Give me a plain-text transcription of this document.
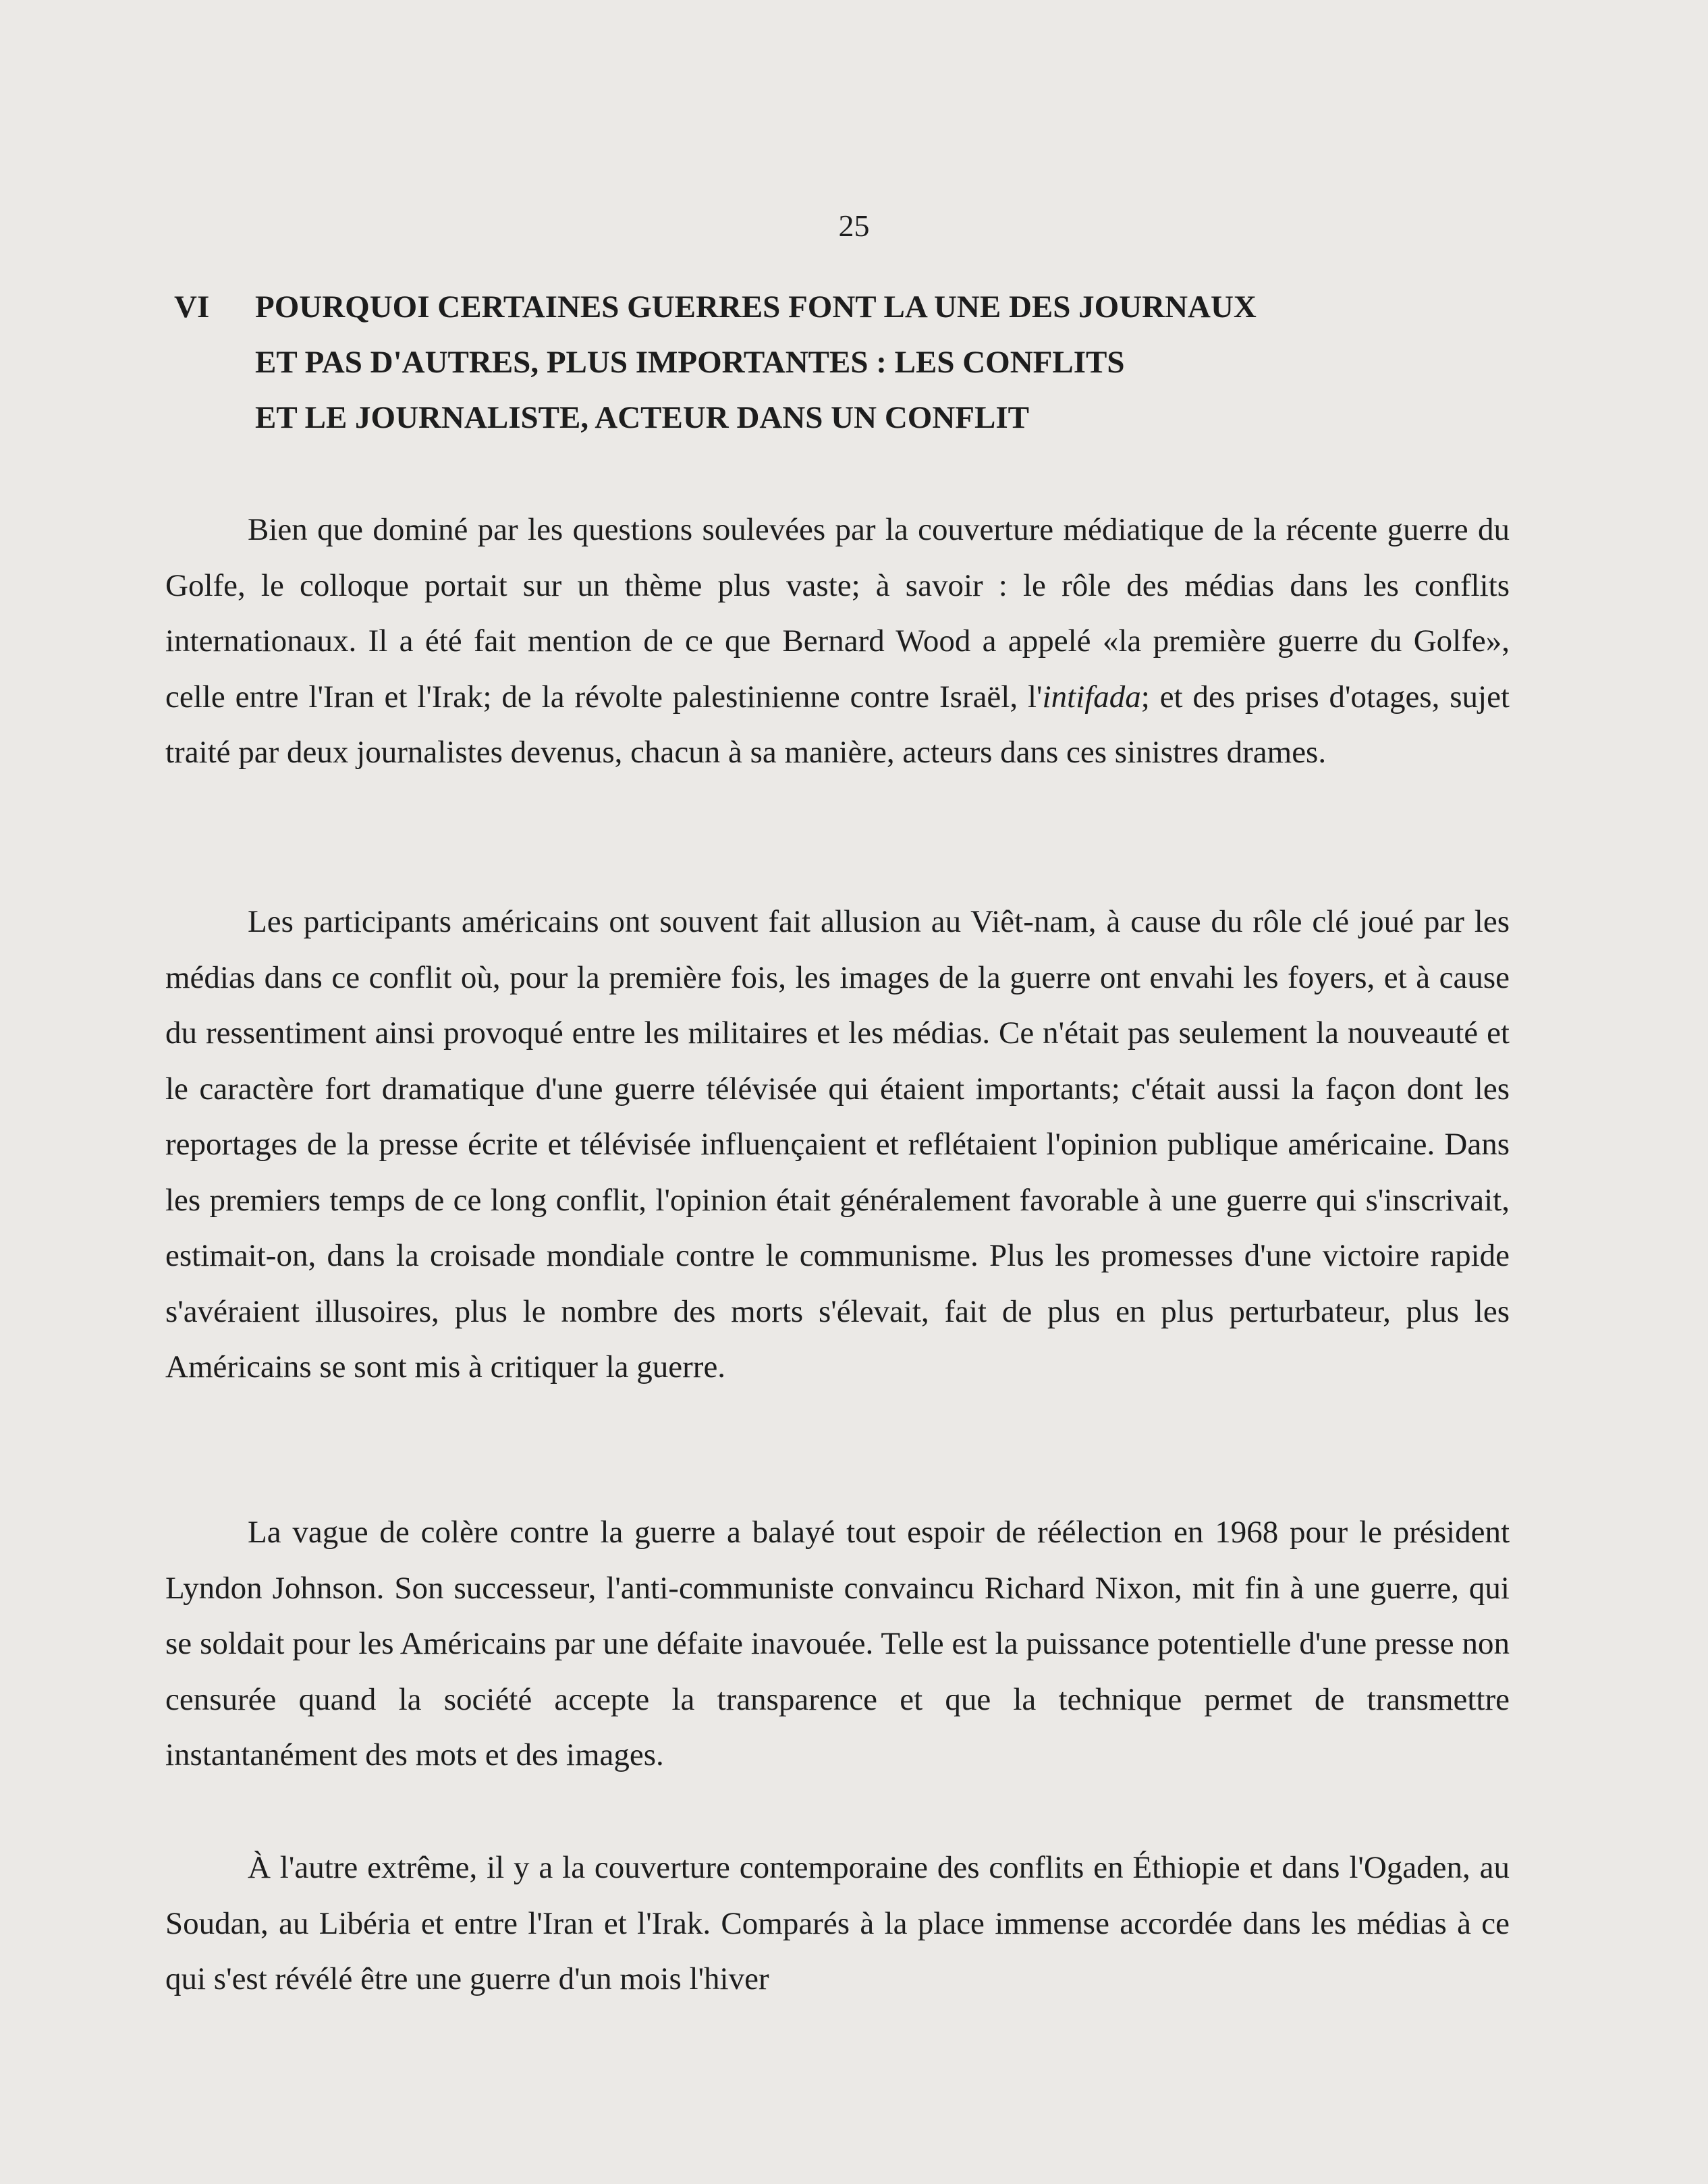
25
VI POURQUOI CERTAINES GUERRES FONT LA UNE DES JOURNAUX
ET PAS D'AUTRES, PLUS IMPORTANTES : LES CONFLITS
ET LE JOURNALISTE, ACTEUR DANS UN CONFLIT

Bien que dominé par les questions soulevées par la couverture médiatique de la récente guerre du Golfe, le colloque portait sur un thème plus vaste; à savoir : le rôle des médias dans les conflits internationaux. Il a été fait mention de ce que Bernard Wood a appelé «la première guerre du Golfe», celle entre l'Iran et l'Irak; de la révolte palestinienne contre Israël, l'intifada; et des prises d'otages, sujet traité par deux journalistes devenus, chacun à sa manière, acteurs dans ces sinistres drames.

Les participants américains ont souvent fait allusion au Viêt-nam, à cause du rôle clé joué par les médias dans ce conflit où, pour la première fois, les images de la guerre ont envahi les foyers, et à cause du ressentiment ainsi provoqué entre les militaires et les médias. Ce n'était pas seulement la nouveauté et le caractère fort dramatique d'une guerre télévisée qui étaient importants; c'était aussi la façon dont les reportages de la presse écrite et télévisée influençaient et reflétaient l'opinion publique américaine. Dans les premiers temps de ce long conflit, l'opinion était généralement favorable à une guerre qui s'inscrivait, estimait-on, dans la croisade mondiale contre le communisme. Plus les promesses d'une victoire rapide s'avéraient illusoires, plus le nombre des morts s'élevait, fait de plus en plus perturbateur, plus les Américains se sont mis à critiquer la guerre.

La vague de colère contre la guerre a balayé tout espoir de réélection en 1968 pour le président Lyndon Johnson. Son successeur, l'anti-communiste convaincu Richard Nixon, mit fin à une guerre, qui se soldait pour les Américains par une défaite inavouée. Telle est la puissance potentielle d'une presse non censurée quand la société accepte la transparence et que la technique permet de transmettre instantanément des mots et des images.

À l'autre extrême, il y a la couverture contemporaine des conflits en Éthiopie et dans l'Ogaden, au Soudan, au Libéria et entre l'Iran et l'Irak. Comparés à la place immense accordée dans les médias à ce qui s'est révélé être une guerre d'un mois l'hiver
